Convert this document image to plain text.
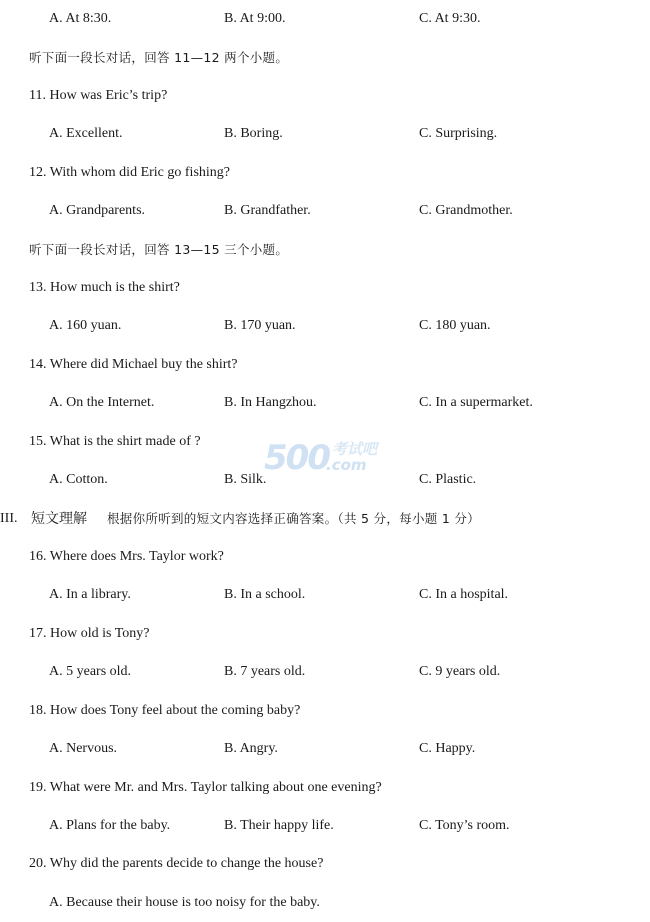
A. At 8:30.	B. At 9:00.	C. At 9:30.
听下面一段长对话，回答 11—12 两个小题。
11. How was Eric’s trip?
A. Excellent.	B. Boring.	C. Surprising.
12. With whom did Eric go fishing?
A. Grandparents.	B. Grandfather.	C. Grandmother.
听下面一段长对话，回答 13—15 三个小题。
13. How much is the shirt?
A. 160 yuan.	B. 170 yuan.	C. 180 yuan.
14. Where did Michael buy the shirt?
A. On the Internet.	B. In Hangzhou.	C. In a supermarket.
15. What is the shirt made of ?
A. Cotton.	B. Silk.	C. Plastic.
500 考试吧
.com
III. 短文理解 根据你所听到的短文内容选择正确答案。（共 5 分，每小题 1 分）
16. Where does Mrs. Taylor work?
A. In a library.	B. In a school.	C. In a hospital.
17. How old is Tony?
A. 5 years old.	B. 7 years old.	C. 9 years old.
18. How does Tony feel about the coming baby?
A. Nervous.	B. Angry.	C. Happy.
19. What were Mr. and Mrs. Taylor talking about one evening?
A. Plans for the baby.	B. Their happy life.	C. Tony’s room.
20. Why did the parents decide to change the house?
A. Because their house is too noisy for the baby.
